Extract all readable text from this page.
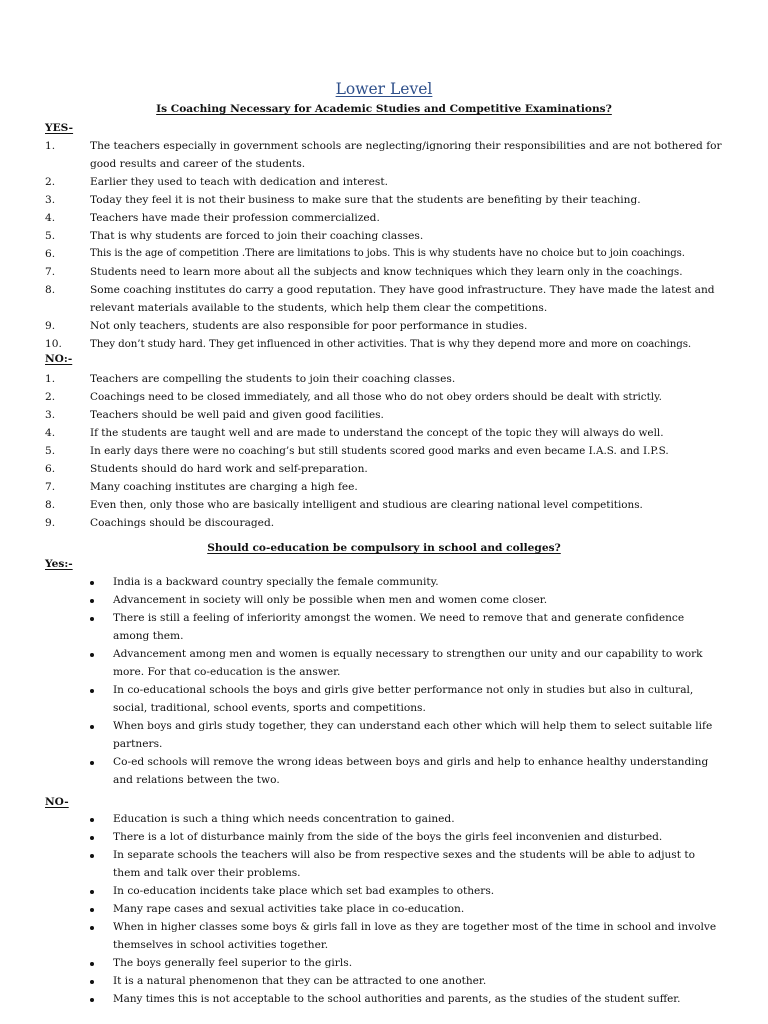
Lower Level
Is Coaching Necessary for Academic Studies and Competitive Examinations?
YES-
1.	The teachers especially in government schools are neglecting/ignoring their responsibilities and are not bothered for good results and career of the students.
2.	Earlier they used to teach with dedication and interest.
3.	Today they feel it is not their business to make sure that the students are benefiting by their teaching.
4.	Teachers have made their profession commercialized.
5.	That is why students are forced to join their coaching classes.
6.	This is the age of competition .There are limitations to jobs. This is why students have no choice but to join coachings.
7.	Students need to learn more about all the subjects and know techniques which they learn only in the coachings.
8.	Some coaching institutes do carry a good reputation. They have good infrastructure. They have made the latest and relevant materials available to the students, which help them clear the competitions.
9.	Not only teachers, students are also responsible for poor performance in studies.
10.	They don’t study hard. They get influenced in other activities. That is why they depend more and more on coachings.
NO:-
1.	Teachers are compelling the students to join their coaching classes.
2.	Coachings need to be closed immediately, and all those who do not obey orders should be dealt with strictly.
3.	Teachers should be well paid and given good facilities.
4.	If the students are taught well and are made to understand the concept of the topic they will always do well.
5.	In early days there were no coaching’s but still students scored good marks and even became I.A.S. and I.P.S.
6.	Students should do hard work and self-preparation.
7.	Many coaching institutes are charging a high fee.
8.	Even then, only those who are basically intelligent and studious are clearing national level competitions.
9.	Coachings should be discouraged.
Should co-education be compulsory in school and colleges?
Yes:-
India is a backward country specially the female community.
Advancement in society will only be possible when men and women come closer.
There is still a feeling of inferiority amongst the women. We need to remove that and generate confidence among them.
Advancement among men and women is equally necessary to strengthen our unity and our capability to work more. For that co-education is the answer.
In co-educational schools the boys and girls give better performance not only in studies but also in cultural, social, traditional, school events, sports and competitions.
When boys and girls study together, they can understand each other which will help them to select suitable life partners.
Co-ed schools will remove the wrong ideas between boys and girls and help to enhance healthy understanding and relations between the two.
NO-
Education is such a thing which needs concentration to gained.
There is a lot of disturbance mainly from the side of the boys the girls feel inconvenien and disturbed.
In separate schools the teachers will also be from respective sexes and the students will be able to adjust to them and talk over their problems.
In co-education incidents take place which set bad examples to others.
Many rape cases and sexual activities take place in co-education.
When in higher classes some boys & girls fall in love as they are together most of the time in school and involve themselves in school activities together.
The boys generally feel superior to the girls.
It is a natural phenomenon that they can be attracted to one another.
Many times this is not acceptable to the school authorities and parents, as the studies of the student suffer.
